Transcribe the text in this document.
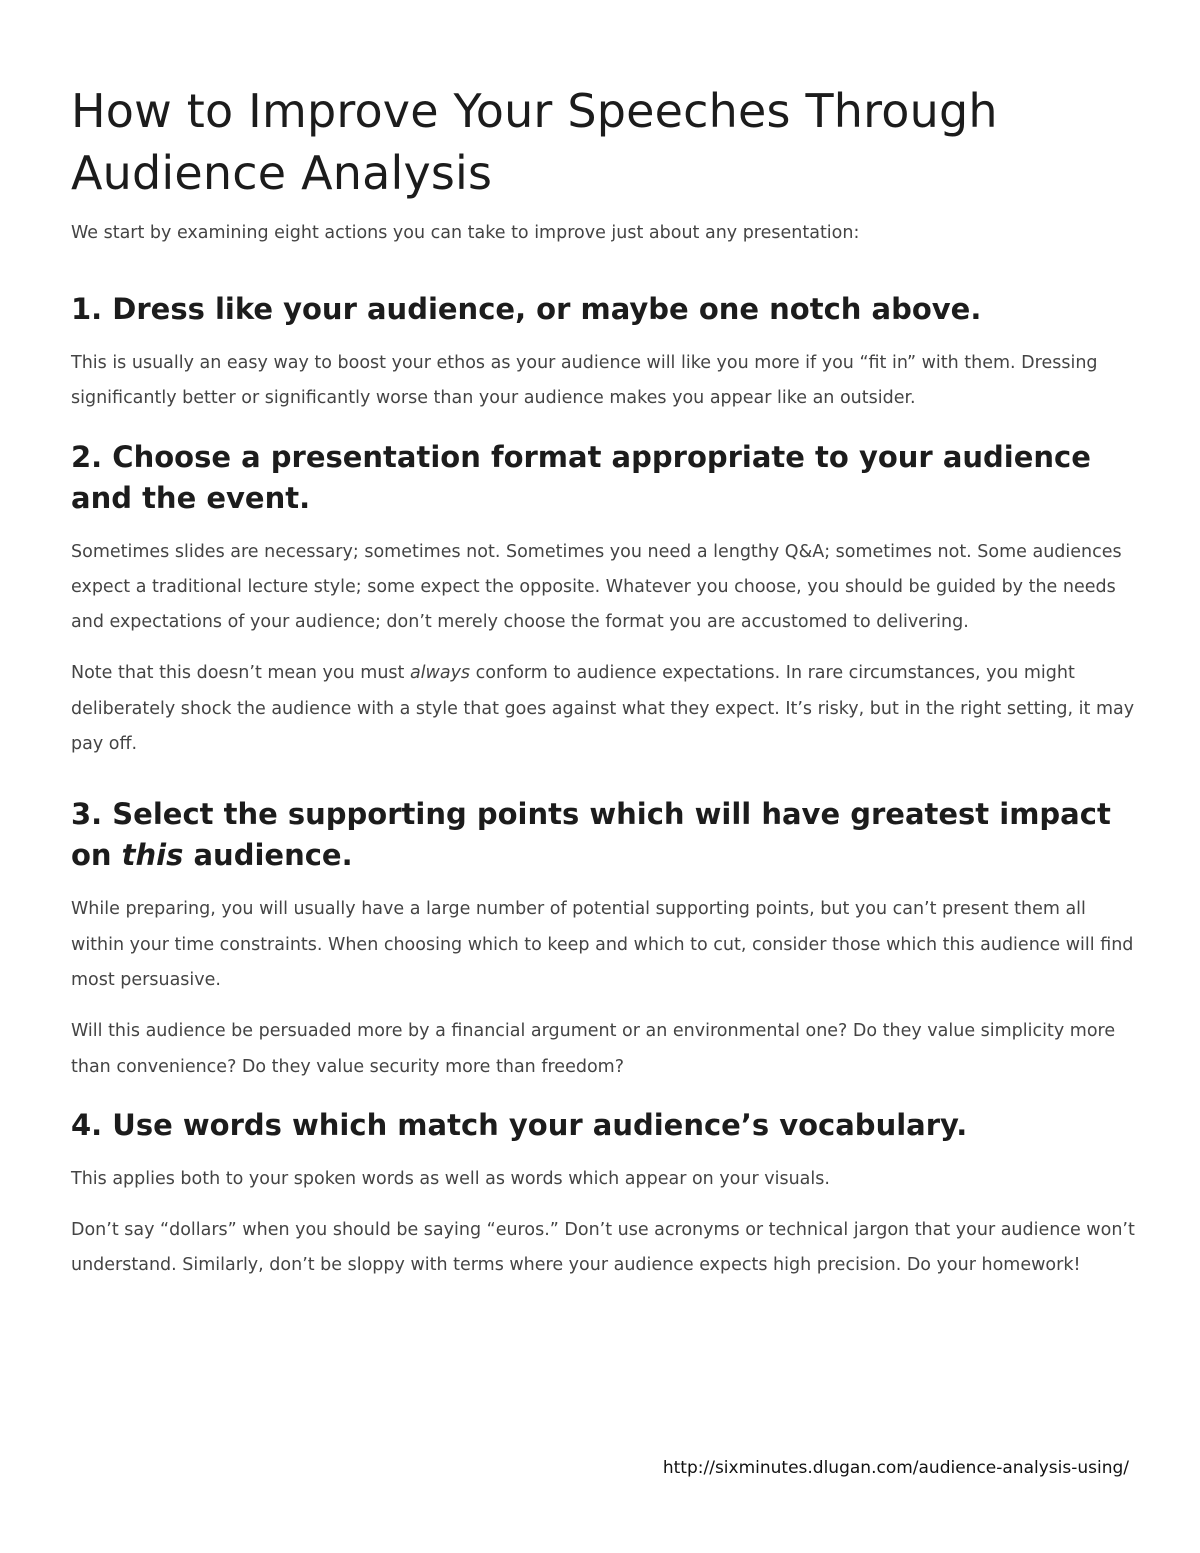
How to Improve Your Speeches Through Audience Analysis

We start by examining eight actions you can take to improve just about any presentation:

1. Dress like your audience, or maybe one notch above.

This is usually an easy way to boost your ethos as your audience will like you more if you “fit in” with them. Dressing significantly better or significantly worse than your audience makes you appear like an outsider.

2. Choose a presentation format appropriate to your audience and the event.

Sometimes slides are necessary; sometimes not. Sometimes you need a lengthy Q&A; sometimes not. Some audiences expect a traditional lecture style; some expect the opposite. Whatever you choose, you should be guided by the needs and expectations of your audience; don’t merely choose the format you are accustomed to delivering.

Note that this doesn’t mean you must always conform to audience expectations. In rare circumstances, you might deliberately shock the audience with a style that goes against what they expect. It’s risky, but in the right setting, it may pay off.

3. Select the supporting points which will have greatest impact on this audience.

While preparing, you will usually have a large number of potential supporting points, but you can’t present them all within your time constraints. When choosing which to keep and which to cut, consider those which this audience will find most persuasive.

Will this audience be persuaded more by a financial argument or an environmental one? Do they value simplicity more than convenience? Do they value security more than freedom?

4. Use words which match your audience’s vocabulary.

This applies both to your spoken words as well as words which appear on your visuals.

Don’t say “dollars” when you should be saying “euros.” Don’t use acronyms or technical jargon that your audience won’t understand. Similarly, don’t be sloppy with terms where your audience expects high precision. Do your homework!

http://sixminutes.dlugan.com/audience-analysis-using/
